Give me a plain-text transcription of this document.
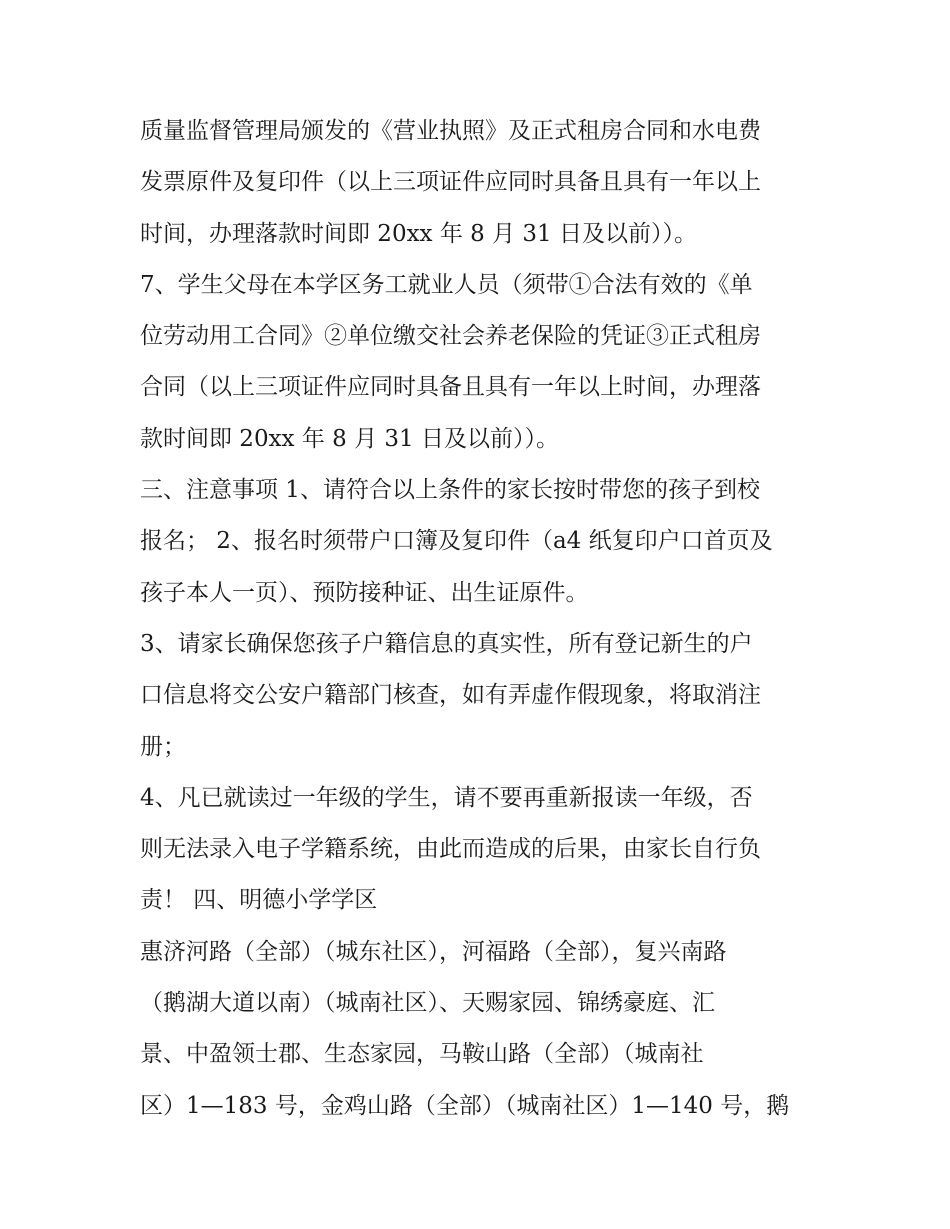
质量监督管理局颁发的《营业执照》及正式租房合同和水电费
发票原件及复印件（以上三项证件应同时具备且具有一年以上
时间，办理落款时间即 20xx 年 8 月 31 日及以前））。
7、学生父母在本学区务工就业人员（须带①合法有效的《单
位劳动用工合同》②单位缴交社会养老保险的凭证③正式租房
合同（以上三项证件应同时具备且具有一年以上时间，办理落
款时间即 20xx 年 8 月 31 日及以前））。
三、注意事项 1、请符合以上条件的家长按时带您的孩子到校
报名； 2、报名时须带户口簿及复印件（a4 纸复印户口首页及
孩子本人一页）、预防接种证、出生证原件。
3、请家长确保您孩子户籍信息的真实性，所有登记新生的户
口信息将交公安户籍部门核查，如有弄虚作假现象，将取消注
册；
4、凡已就读过一年级的学生，请不要再重新报读一年级，否
则无法录入电子学籍系统，由此而造成的后果，由家长自行负
责！ 四、明德小学学区
惠济河路（全部）（城东社区），河福路（全部），复兴南路
（鹅湖大道以南）（城南社区）、天赐家园、锦绣豪庭、汇
景、中盈领士郡、生态家园，马鞍山路（全部）（城南社
区）1—183 号，金鸡山路（全部）（城南社区）1—140 号，鹅
